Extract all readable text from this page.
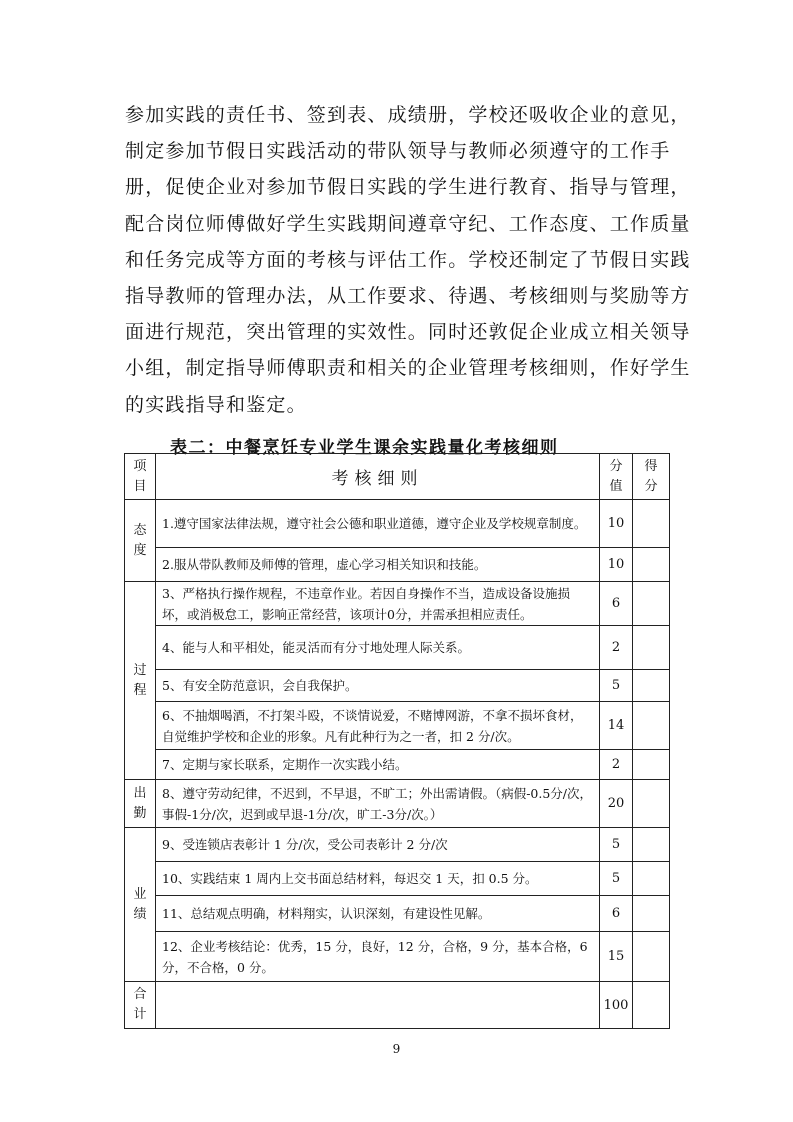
参加实践的责任书、签到表、成绩册，学校还吸收企业的意见，
制定参加节假日实践活动的带队领导与教师必须遵守的工作手
册，促使企业对参加节假日实践的学生进行教育、指导与管理，
配合岗位师傅做好学生实践期间遵章守纪、工作态度、工作质量
和任务完成等方面的考核与评估工作。学校还制定了节假日实践
指导教师的管理办法，从工作要求、待遇、考核细则与奖励等方
面进行规范，突出管理的实效性。同时还敦促企业成立相关领导
小组，制定指导师傅职责和相关的企业管理考核细则，作好学生
的实践指导和鉴定。
表二：中餐烹饪专业学生课余实践量化考核细则
项目	考核细则	分值	得分
态度	1.遵守国家法律法规，遵守社会公德和职业道德，遵守企业及学校规章制度。	10	
	2.服从带队教师及师傅的管理，虚心学习相关知识和技能。	10	
过程	3、严格执行操作规程，不违章作业。若因自身操作不当，造成设备设施损坏，或消极怠工，影响正常经营，该项计0分，并需承担相应责任。	6	
	4、能与人和平相处，能灵活而有分寸地处理人际关系。	2	
	5、有安全防范意识，会自我保护。	5	
	6、不抽烟喝酒，不打架斗殴，不谈情说爱，不赌博网游，不拿不损坏食材，自觉维护学校和企业的形象。凡有此种行为之一者，扣 2 分/次。	14	
	7、定期与家长联系，定期作一次实践小结。	2	
出勤	8、遵守劳动纪律，不迟到，不早退，不旷工；外出需请假。（病假-0.5分/次，事假-1分/次，迟到或早退-1分/次，旷工-3分/次。）	20	
业绩	9、受连锁店表彰计 1 分/次，受公司表彰计 2 分/次	5	
	10、实践结束 1 周内上交书面总结材料，每迟交 1 天，扣 0.5 分。	5	
	11、总结观点明确，材料翔实，认识深刻，有建设性见解。	6	
	12、企业考核结论：优秀，15 分，良好，12 分，合格，9 分，基本合格，6 分，不合格，0 分。	15	
合计		100	
9
